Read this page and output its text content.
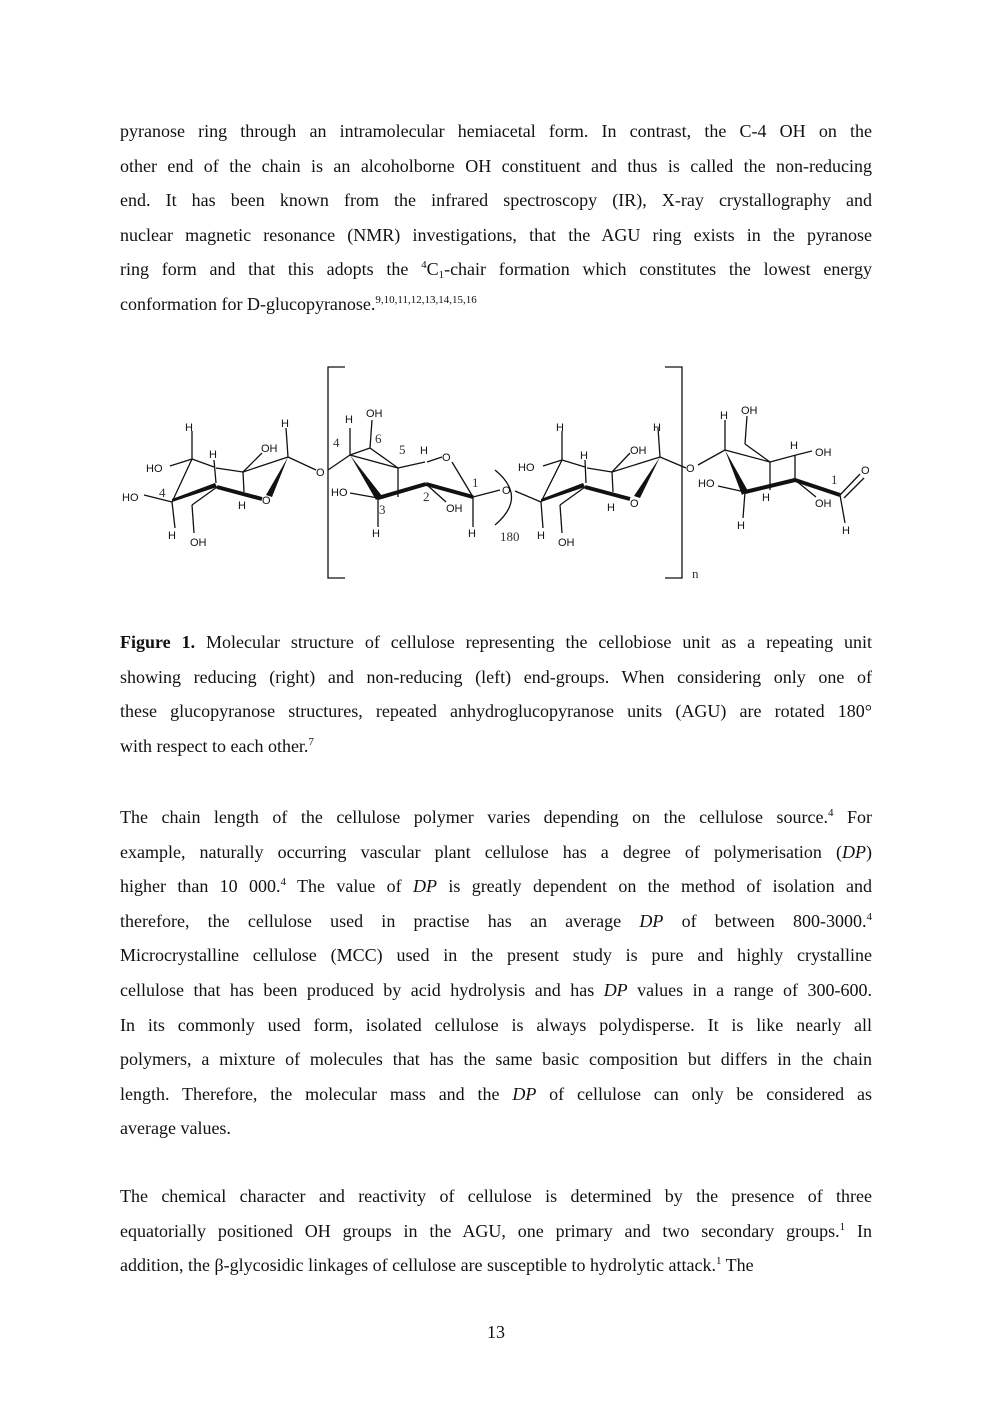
pyranose ring through an intramolecular hemiacetal form. In contrast, the C-4 OH on the
other end of the chain is an alcoholborne OH constituent and thus is called the non-reducing
end. It has been known from the infrared spectroscopy (IR), X-ray crystallography and
nuclear magnetic resonance (NMR) investigations, that the AGU ring exists in the pyranose
ring form and that this adopts the $^4C_1$-chair formation which constitutes the lowest energy
conformation for D-glucopyranose.$^{9,10,11,12,13,14,15,16}$
H
H	OH
H
HO
HO
H O
H
OH
O
H OH
O
HO
H
OH
H	H
O
HO
H
H	OH
H
H O
H
OH
O
H OH
H
OH
O
HO
H	OH
H	H
4
4	6
5
1
3
2
180
1
n
Figure 1. Molecular structure of cellulose representing the cellobiose unit as a repeating unit
showing reducing (right) and non-reducing (left) end-groups. When considering only one of
these glucopyranose structures, repeated anhydroglucopyranose units (AGU) are rotated 180°
with respect to each other.$^7$
The chain length of the cellulose polymer varies depending on the cellulose source.$^4$ For
example, naturally occurring vascular plant cellulose has a degree of polymerisation (DP)
higher than 10 000.$^4$ The value of DP is greatly dependent on the method of isolation and
therefore, the cellulose used in practise has an average DP of between 800-3000.$^4$
Microcrystalline cellulose (MCC) used in the present study is pure and highly crystalline
cellulose that has been produced by acid hydrolysis and has DP values in a range of 300-600.
In its commonly used form, isolated cellulose is always polydisperse. It is like nearly all
polymers, a mixture of molecules that has the same basic composition but differs in the chain
length. Therefore, the molecular mass and the DP of cellulose can only be considered as
average values.
The chemical character and reactivity of cellulose is determined by the presence of three
equatorially positioned OH groups in the AGU, one primary and two secondary groups.$^1$ In
addition, the β-glycosidic linkages of cellulose are susceptible to hydrolytic attack.$^1$ The
13
